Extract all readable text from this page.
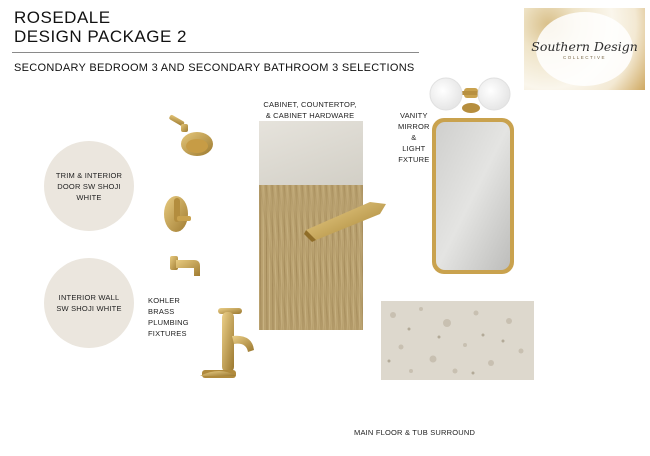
ROSEDALE
DESIGN PACKAGE 2
SECONDARY BEDROOM 3 AND SECONDARY BATHROOM 3 SELECTIONS
Southern Design
COLLECTIVE
TRIM & INTERIOR
DOOR SW SHOJI WHITE
INTERIOR WALL
SW SHOJI WHITE
KOHLER
BRASS
PLUMBING
FIXTURES
CABINET, COUNTERTOP,
& CABINET HARDWARE	VANITY
MIRROR
&
LIGHT
FXTURE
MAIN FLOOR & TUB SURROUND
